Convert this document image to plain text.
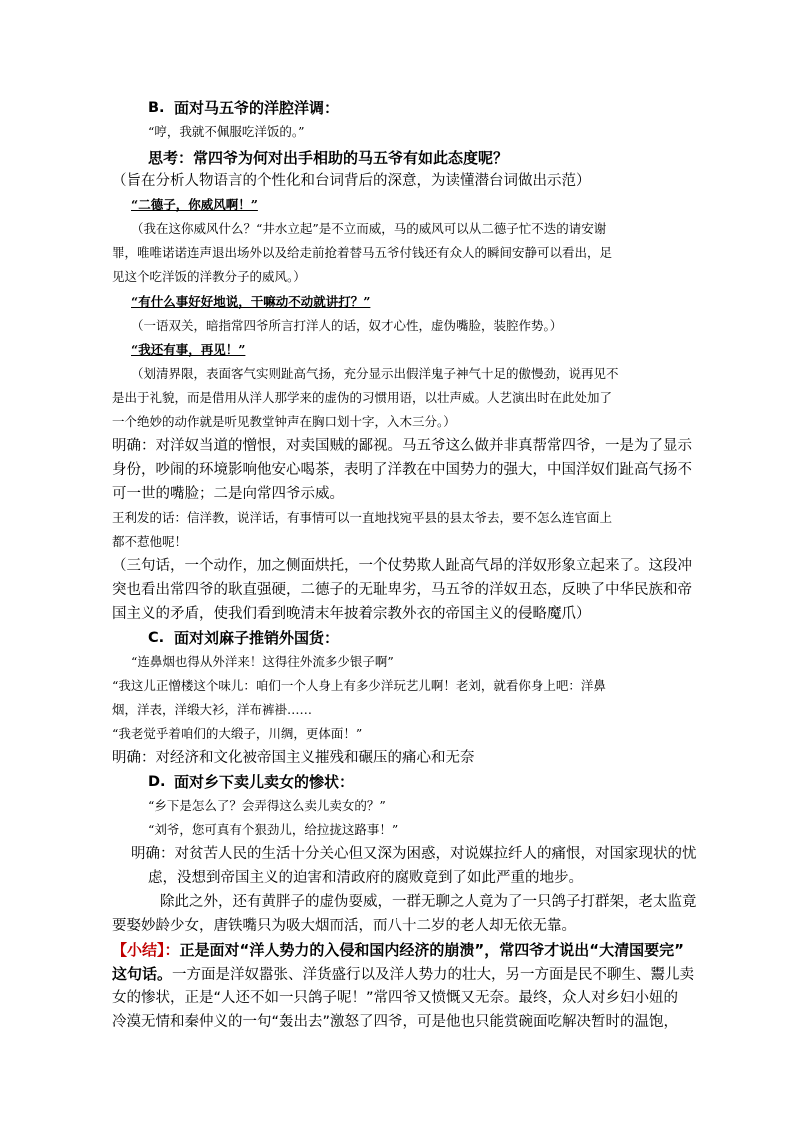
B. 面对马五爷的洋腔洋调：
“哼，我就不佩服吃洋饭的。”
思考：常四爷为何对出手相助的马五爷有如此态度呢？
（旨在分析人物语言的个性化和台词背后的深意，为读懂潜台词做出示范）
“二德子，你威风啊！”
（我在这你威风什么？“井水立起”是不立而威，马的威风可以从二德子忙不迭的请安谢
罪，唯唯诺诺连声退出场外以及给走前抢着替马五爷付钱还有众人的瞬间安静可以看出，足
见这个吃洋饭的洋教分子的威风。）
“有什么事好好地说，干嘛动不动就讲打？”
（一语双关，暗指常四爷所言打洋人的话，奴才心性，虚伪嘴脸，装腔作势。）
“我还有事，再见！”
（划清界限，表面客气实则趾高气扬，充分显示出假洋鬼子神气十足的傲慢劲，说再见不
是出于礼貌，而是借用从洋人那学来的虚伪的习惯用语，以壮声威。人艺演出时在此处加了
一个绝妙的动作就是听见教堂钟声在胸口划十字，入木三分。）
明确：对洋奴当道的憎恨，对卖国贼的鄙视。马五爷这么做并非真帮常四爷，一是为了显示
身份，吵闹的环境影响他安心喝茶，表明了洋教在中国势力的强大，中国洋奴们趾高气扬不
可一世的嘴脸；二是向常四爷示威。
王利发的话：信洋教，说洋话，有事情可以一直地找宛平县的县太爷去，要不怎么连官面上
都不惹他呢！
（三句话，一个动作，加之侧面烘托，一个仗势欺人趾高气昂的洋奴形象立起来了。这段冲
突也看出常四爷的耿直强硬，二德子的无耻卑劣，马五爷的洋奴丑态，反映了中华民族和帝
国主义的矛盾，使我们看到晚清末年披着宗教外衣的帝国主义的侵略魔爪）
C. 面对刘麻子推销外国货：
“连鼻烟也得从外洋来！这得往外流多少银子啊”
“我这儿正憎楼这个味儿：咱们一个人身上有多少洋玩艺儿啊！老刘，就看你身上吧：洋鼻
烟，洋表，洋缎大衫，洋布裤褂……
“我老觉乎着咱们的大缎子，川绸，更体面！”
明确：对经济和文化被帝国主义摧残和碾压的痛心和无奈
D. 面对乡下卖儿卖女的惨状：
“乡下是怎么了？会弄得这么卖儿卖女的？”
“刘爷，您可真有个狠劲儿，给拉拢这路事！”
明确：对贫苦人民的生活十分关心但又深为困惑，对说媒拉纤人的痛恨，对国家现状的忧
虑，没想到帝国主义的迫害和清政府的腐败竟到了如此严重的地步。
除此之外，还有黄胖子的虚伪耍威，一群无聊之人竟为了一只鸽子打群架，老太监竟
要娶妙龄少女，唐铁嘴只为吸大烟而活，而八十二岁的老人却无依无靠。
【小结】：正是面对“洋人势力的入侵和国内经济的崩溃”，常四爷才说出“大清国要完”
这句话。一方面是洋奴嚣张、洋货盛行以及洋人势力的壮大，另一方面是民不聊生、鬻儿卖
女的惨状，正是“人还不如一只鸽子呢！”常四爷又愤慨又无奈。最终，众人对乡妇小妞的
冷漠无情和秦仲义的一句“轰出去”激怒了四爷，可是他也只能赏碗面吃解决暂时的温饱，
